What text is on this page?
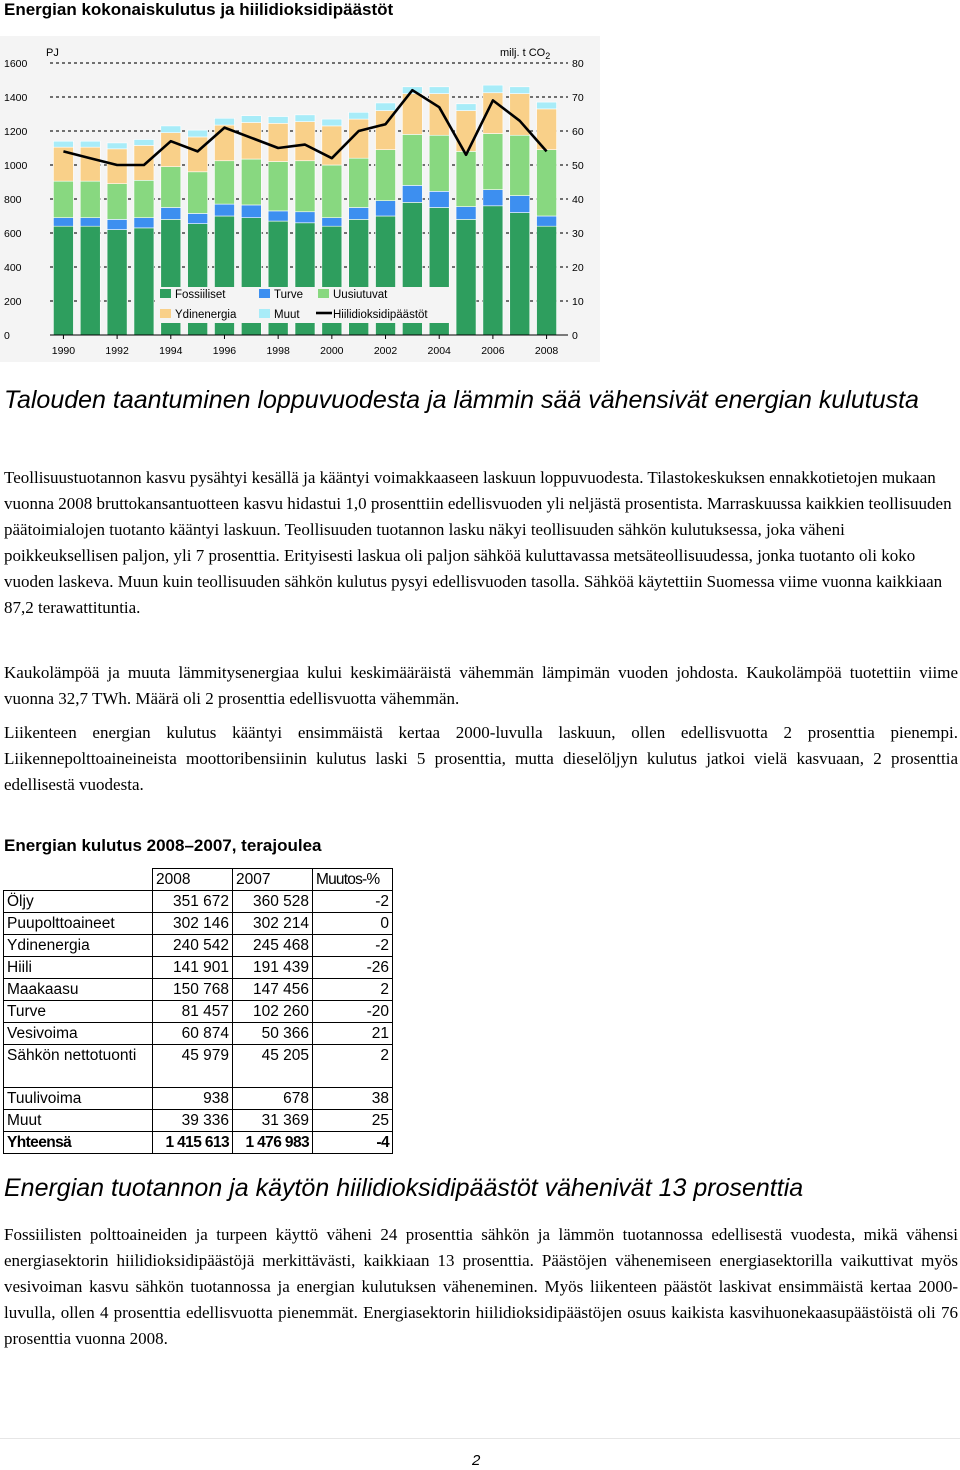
Energian kokonaiskulutus ja hiilidioksidipäästöt
0
200
400
600
800
1000
1200
1400
1600
0
10
20
30
40
50
60
70
80
PJ	milj. t $CO_2$
1990	1992	1994	1996	1998	2000	2002	2004	2006	2008
Fossiiliset	Turve	Uusiutuvat
Ydinenergia	Muut	Hiilidioksidipäästöt
Talouden taantuminen loppuvuodesta ja lämmin sää vähensivät energian kulutusta

Teollisuustuotannon kasvu pysähtyi kesällä ja kääntyi voimakkaaseen laskuun loppuvuodesta. Tilastokeskuksen ennakkotietojen mukaan vuonna 2008 bruttokansantuotteen kasvu hidastui 1,0 prosenttiin edellisvuoden yli neljästä prosentista. Marraskuussa kaikkien teollisuuden päätoimialojen tuotanto kääntyi laskuun. Teollisuuden tuotannon lasku näkyi teollisuuden sähkön kulutuksessa, joka väheni poikkeuksellisen paljon, yli 7 prosenttia. Erityisesti laskua oli paljon sähköä kuluttavassa metsäteollisuudessa, jonka tuotanto oli koko vuoden laskeva. Muun kuin teollisuuden sähkön kulutus pysyi edellisvuoden tasolla. Sähköä käytettiin Suomessa viime vuonna kaikkiaan 87,2 terawattituntia.

Kaukolämpöä ja muuta lämmitysenergiaa kului keskimääräistä vähemmän lämpimän vuoden johdosta. Kaukolämpöä tuotettiin viime vuonna 32,7 TWh. Määrä oli 2 prosenttia edellisvuotta vähemmän.

Liikenteen energian kulutus kääntyi ensimmäistä kertaa 2000-luvulla laskuun, ollen edellisvuotta 2 prosenttia pienempi. Liikennepolttoaineineista moottoribensiinin kulutus laski 5 prosenttia, mutta dieselöljyn kulutus jatkoi vielä kasvuaan, 2 prosenttia edellisestä vuodesta.

Energian kulutus 2008–2007, terajoulea
	2008	2007	Muutos-%
Öljy	351 672	360 528	-2
Puupolttoaineet	302 146	302 214	0
Ydinenergia	240 542	245 468	-2
Hiili	141 901	191 439	-26
Maakaasu	150 768	147 456	2
Turve	81 457	102 260	-20
Vesivoima	60 874	50 366	21
Sähkön nettotuonti	45 979	45 205	2
Tuulivoima	938	678	38
Muut	39 336	31 369	25
Yhteensä	1 415 613	1 476 983	-4
Energian tuotannon ja käytön hiilidioksidipäästöt vähenivät 13 prosenttia

Fossiilisten polttoaineiden ja turpeen käyttö väheni 24 prosenttia sähkön ja lämmön tuotannossa edellisestä vuodesta, mikä vähensi energiasektorin hiilidioksidipäästöjä merkittävästi, kaikkiaan 13 prosenttia. Päästöjen vähenemiseen energiasektorilla vaikuttivat myös vesivoiman kasvu sähkön tuotannossa ja energian kulutuksen väheneminen. Myös liikenteen päästöt laskivat ensimmäistä kertaa 2000-luvulla, ollen 4 prosenttia edellisvuotta pienemmät. Energiasektorin hiilidioksidipäästöjen osuus kaikista kasvihuonekaasupäästöistä oli 76 prosenttia vuonna 2008.

2
